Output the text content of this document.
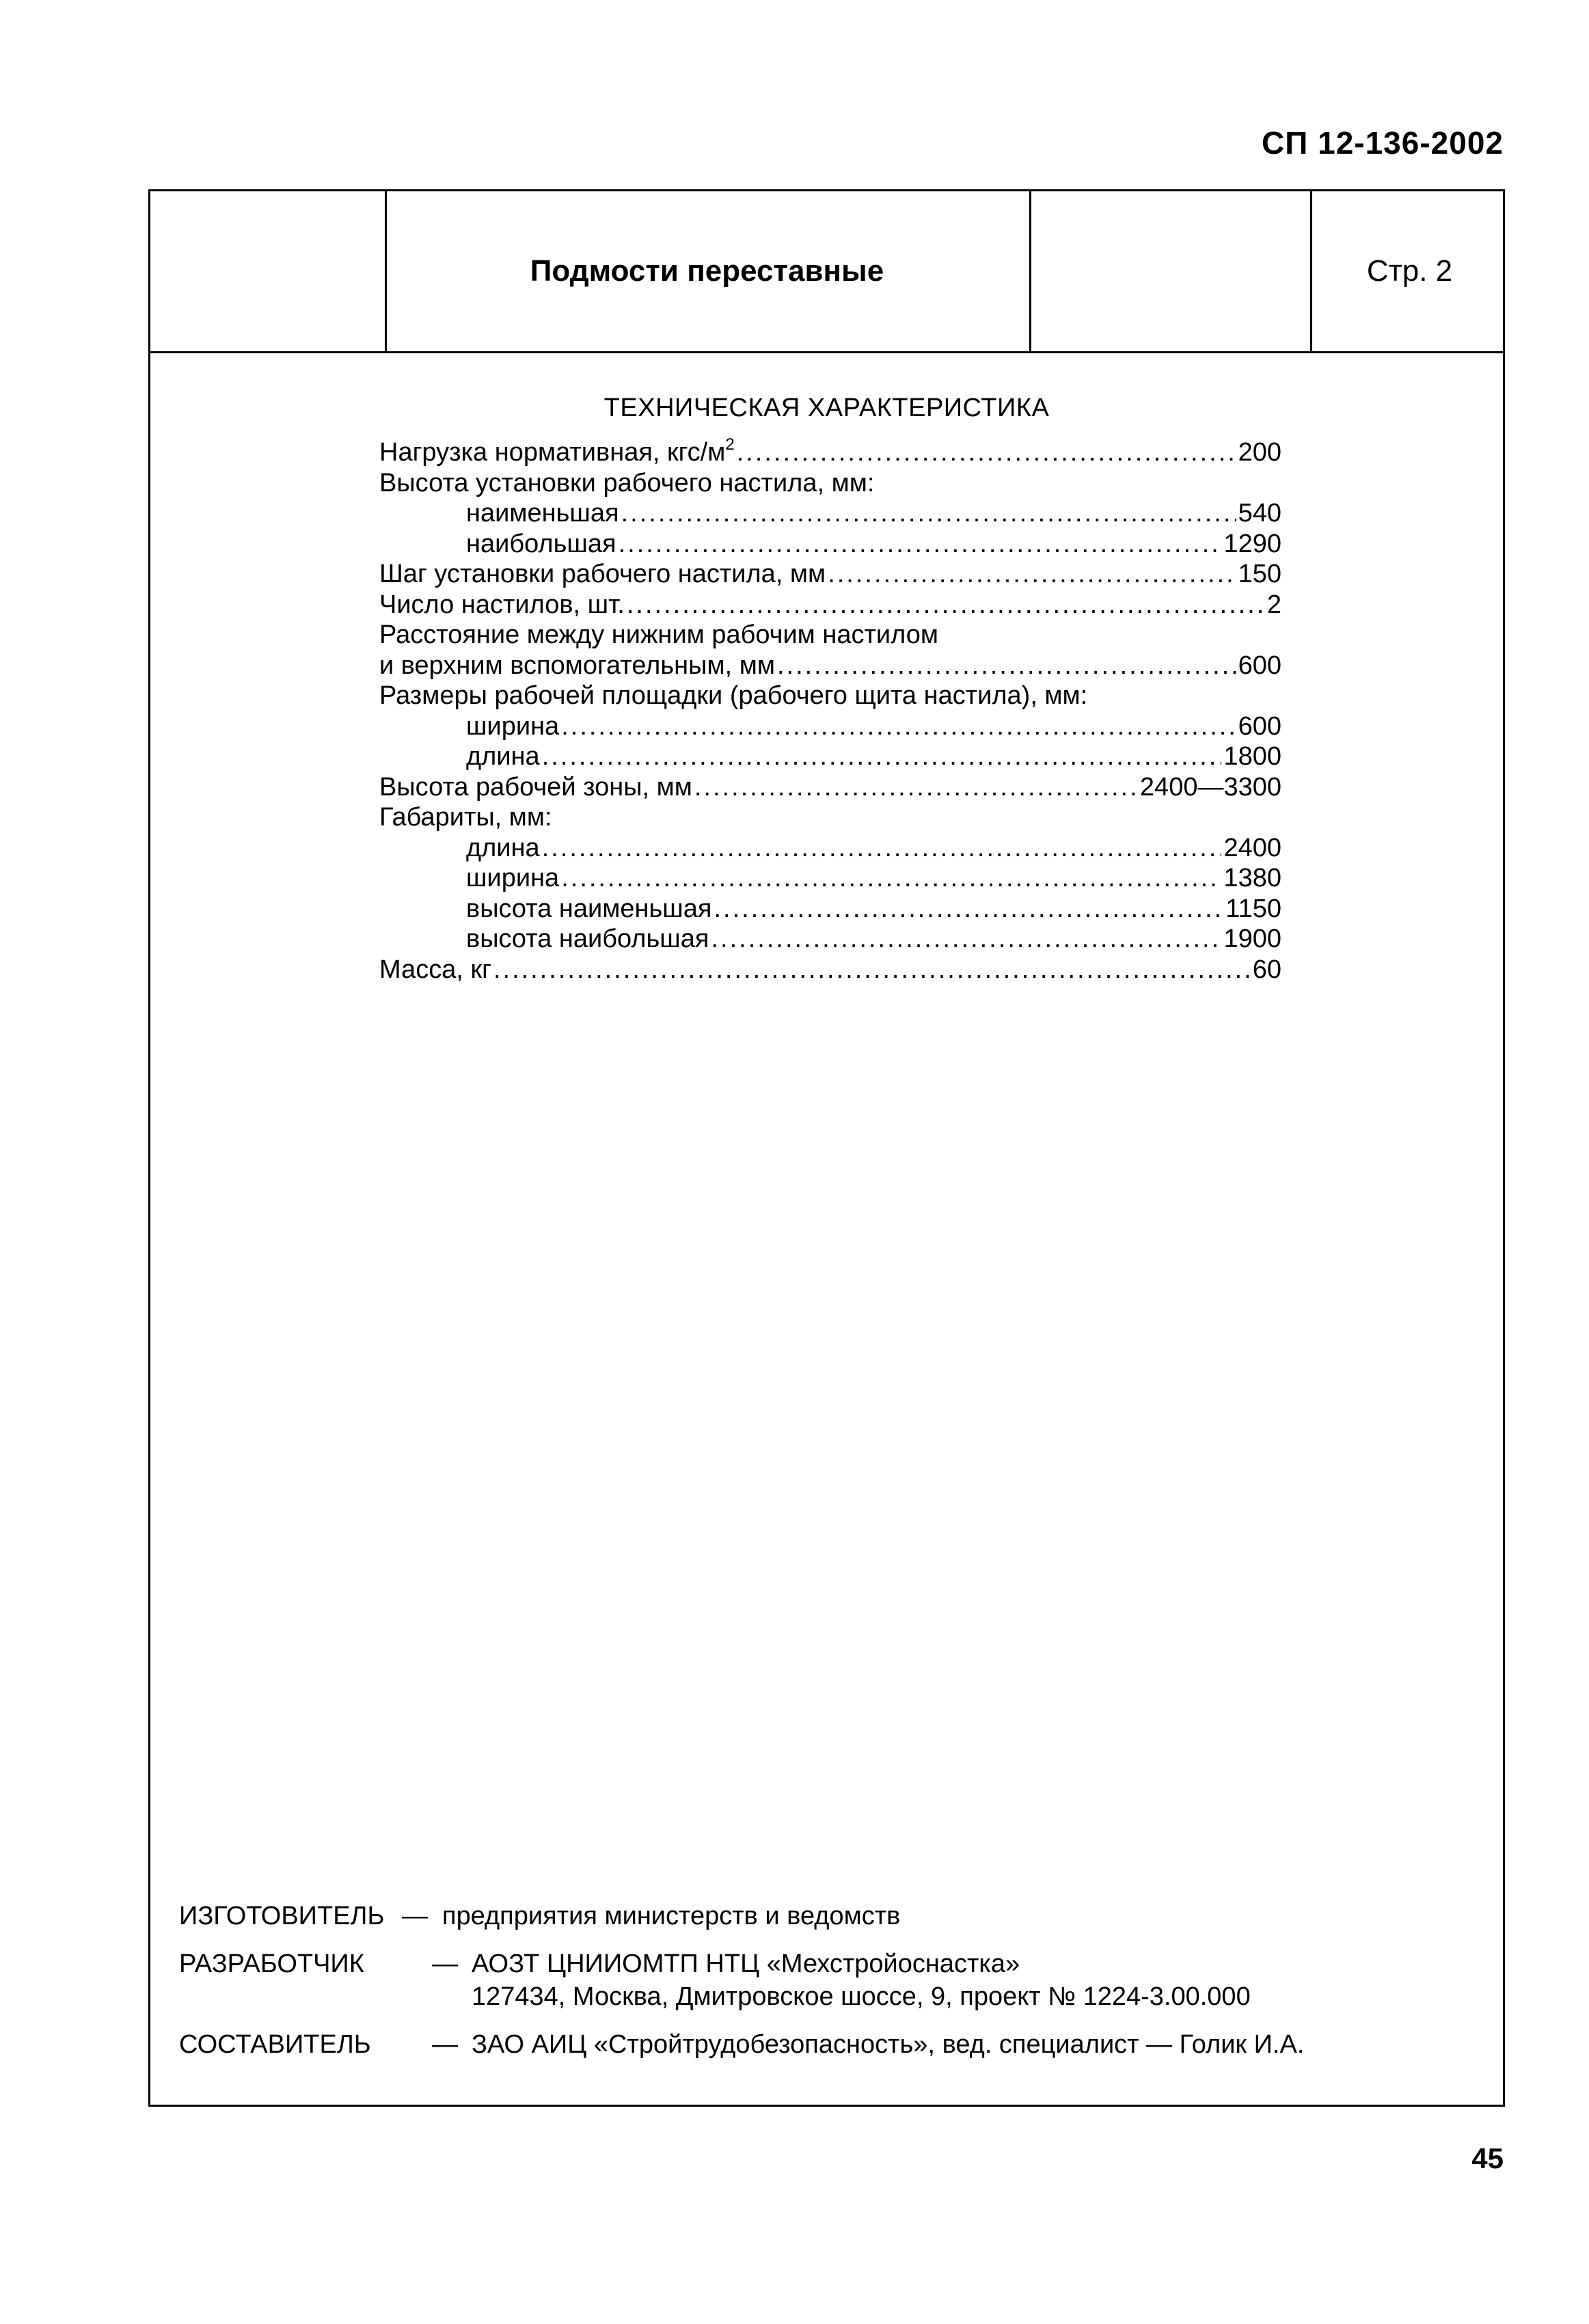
СП 12-136-2002
Подмости переставные	Стр. 2
ТЕХНИЧЕСКАЯ ХАРАКТЕРИСТИКА
Нагрузка нормативная, кгс/$м^2$ .....	200
Высота установки рабочего настила, мм:
наименьшая .....	540
наибольшая .....	1290
Шаг установки рабочего настила, мм .....	150
Число настилов, шт. .....	2
Расстояние между нижним рабочим настилом
и верхним вспомогательным, мм .....	600
Размеры рабочей площадки (рабочего щита настила), мм:
ширина .....	600
длина .....	1800
Высота рабочей зоны, мм .....	2400—3300
Габариты, мм:
длина .....	2400
ширина .....	1380
высота наименьшая .....	1150
высота наибольшая .....	1900
Масса, кг .....	60
ИЗГОТОВИТЕЛЬ — предприятия министерств и ведомств
РАЗРАБОТЧИК	— АОЗТ ЦНИИОМТП НТЦ «Мехстройоснастка»
127434, Москва, Дмитровское шоссе, 9, проект № 1224-3.00.000
СОСТАВИТЕЛЬ — ЗАО АИЦ «Стройтрудобезопасность», вед. специалист — Голик И.А.
45
